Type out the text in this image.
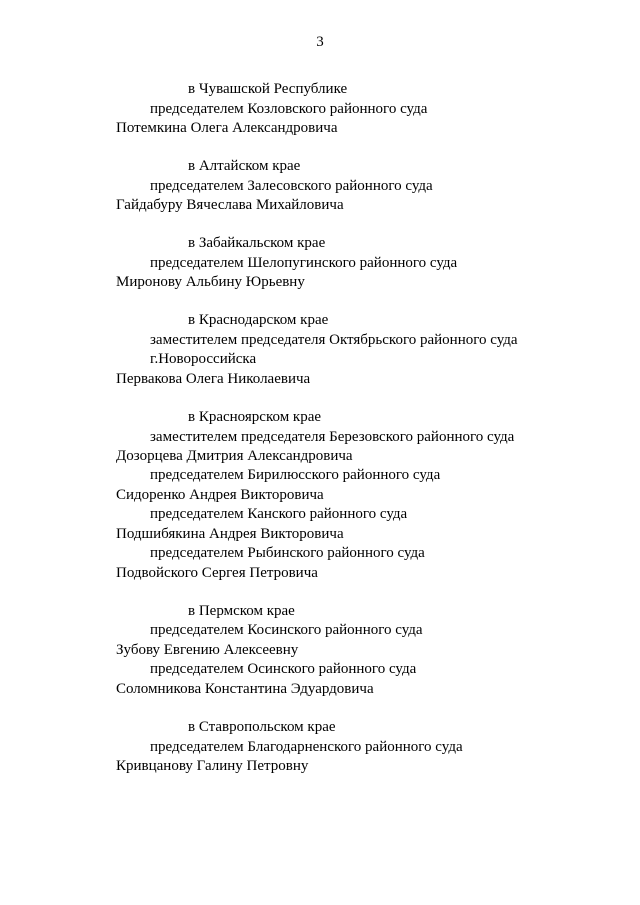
3
в Чувашской Республике
председателем Козловского районного суда
Потемкина Олега Александровича
в Алтайском крае
председателем Залесовского районного суда
Гайдабуру Вячеслава Михайловича
в Забайкальском крае
председателем Шелопугинского районного суда
Миронову Альбину Юрьевну
в Краснодарском крае
заместителем председателя Октябрьского районного суда
г.Новороссийска
Первакова Олега Николаевича
в Красноярском крае
заместителем председателя Березовского районного суда
Дозорцева Дмитрия Александровича
председателем Бирилюсского районного суда
Сидоренко Андрея Викторовича
председателем Канского районного суда
Подшибякина Андрея Викторовича
председателем Рыбинского районного суда
Подвойского Сергея Петровича
в Пермском крае
председателем Косинского районного суда
Зубову Евгению Алексеевну
председателем Осинского районного суда
Соломникова Константина Эдуардовича
в Ставропольском крае
председателем Благодарненского районного суда
Кривцанову Галину Петровну
